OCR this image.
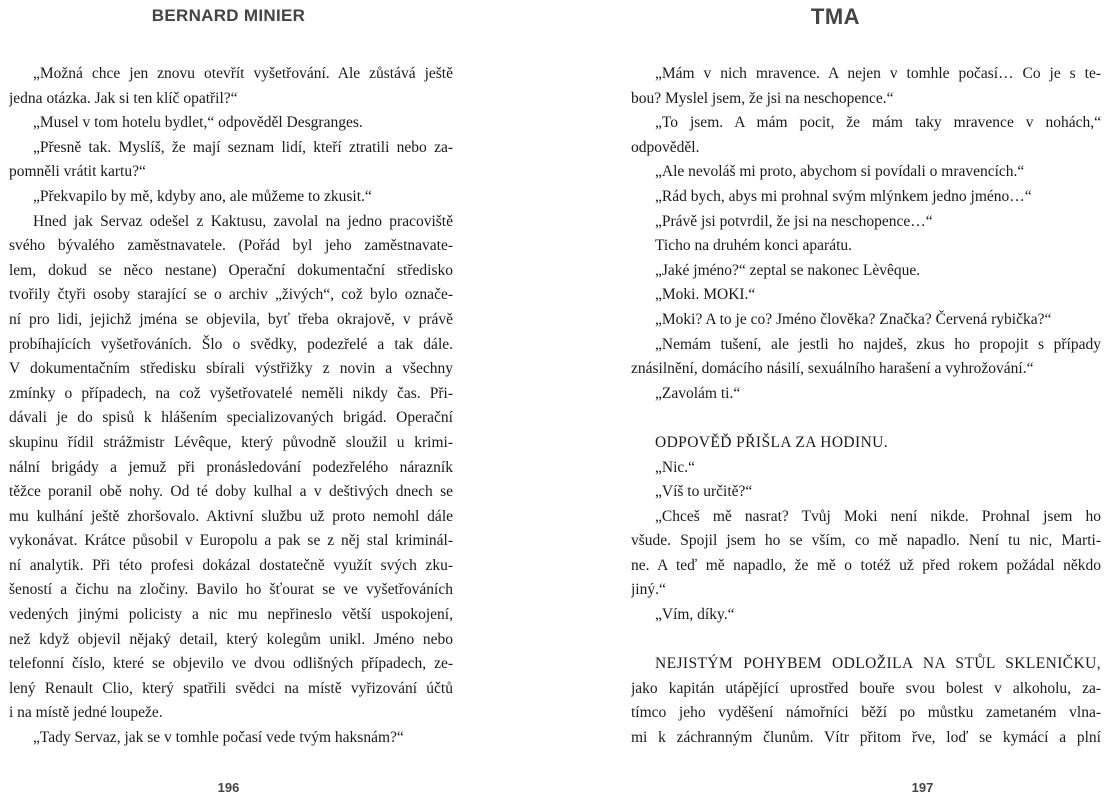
BERNARD MINIER
„Možná chce jen znovu otevřít vyšetřování. Ale zůstává ještě
jedna otázka. Jak si ten klíč opatřil?“
„Musel v tom hotelu bydlet,“ odpověděl Desgranges.
„Přesně tak. Myslíš, že mají seznam lidí, kteří ztratili nebo za-
pomněli vrátit kartu?“
„Překvapilo by mě, kdyby ano, ale můžeme to zkusit.“
Hned jak Servaz odešel z Kaktusu, zavolal na jedno pracoviště
svého bývalého zaměstnavatele. (Pořád byl jeho zaměstnavate-
lem, dokud se něco nestane) Operační dokumentační středisko
tvořily čtyři osoby starající se o archiv „živých“, což bylo označe-
ní pro lidi, jejichž jména se objevila, byť třeba okrajově, v právě
probíhajících vyšetřováních. Šlo o svědky, podezřelé a tak dále.
V dokumentačním středisku sbírali výstřižky z novin a všechny
zmínky o případech, na což vyšetřovatelé neměli nikdy čas. Při-
dávali je do spisů k hlášením specializovaných brigád. Operační
skupinu řídil strážmistr Lévêque, který původně sloužil u krimi-
nální brigády a jemuž při pronásledování podezřelého nárazník
těžce poranil obě nohy. Od té doby kulhal a v deštivých dnech se
mu kulhání ještě zhoršovalo. Aktivní službu už proto nemohl dále
vykonávat. Krátce působil v Europolu a pak se z něj stal kriminál-
ní analytik. Při této profesi dokázal dostatečně využít svých zku-
šeností a čichu na zločiny. Bavilo ho šťourat se ve vyšetřováních
vedených jinými policisty a nic mu nepřineslo větší uspokojení,
než když objevil nějaký detail, který kolegům unikl. Jméno nebo
telefonní číslo, které se objevilo ve dvou odlišných případech, ze-
lený Renault Clio, který spatřili svědci na místě vyřizování účtů
i na místě jedné loupeže.
„Tady Servaz, jak se v tomhle počasí vede tvým haksnám?“
196
TMA
„Mám v nich mravence. A nejen v tomhle počasí… Co je s te-
bou? Myslel jsem, že jsi na neschopence.“
„To jsem. A mám pocit, že mám taky mravence v nohách,“
odpověděl.
„Ale nevoláš mi proto, abychom si povídali o mravencích.“
„Rád bych, abys mi prohnal svým mlýnkem jedno jméno…“
„Právě jsi potvrdil, že jsi na neschopence…“
Ticho na druhém konci aparátu.
„Jaké jméno?“ zeptal se nakonec Lèvêque.
„Moki. MOKI.“
„Moki? A to je co? Jméno člověka? Značka? Červená rybička?“
„Nemám tušení, ale jestli ho najdeš, zkus ho propojit s případy
znásilnění, domácího násilí, sexuálního harašení a vyhrožování.“
„Zavolám ti.“
ODPOVĚĎ PŘIŠLA ZA HODINU.
„Nic.“
„Víš to určitě?“
„Chceš mě nasrat? Tvůj Moki není nikde. Prohnal jsem ho
všude. Spojil jsem ho se vším, co mě napadlo. Není tu nic, Marti-
ne. A teď mě napadlo, že mě o totéž už před rokem požádal někdo
jiný.“
„Vím, díky.“
NEJISTÝM POHYBEM ODLOŽILA NA STŮL SKLENIČKU,
jako kapitán utápějící uprostřed bouře svou bolest v alkoholu, za-
tímco jeho vyděšení námořníci běží po můstku zametaném vlna-
mi k záchranným člunům. Vítr přitom řve, loď se kymácí a plní
197
